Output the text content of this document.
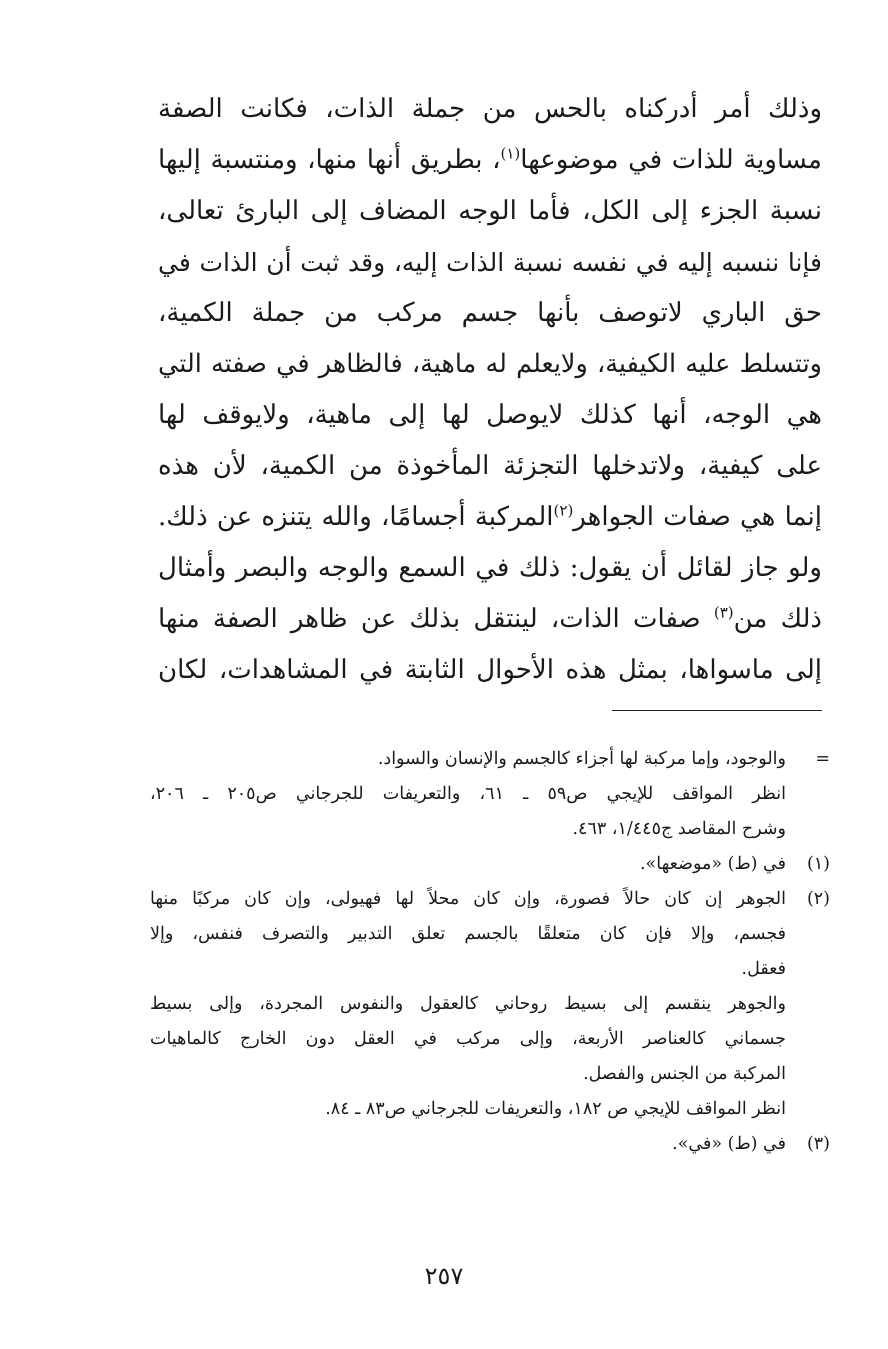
وذلك أمر أدركناه بالحس من جملة الذات، فكانت الصفة
مساوية للذات في موضوعها$^{(١)}$، بطريق أنها منها، ومنتسبة إليها
نسبة الجزء إلى الكل، فأما الوجه المضاف إلى البارئ تعالى،
فإنا ننسبه إليه في نفسه نسبة الذات إليه، وقد ثبت أن الذات في
حق الباري لاتوصف بأنها جسم مركب من جملة الكمية،
وتتسلط عليه الكيفية، ولايعلم له ماهية، فالظاهر في صفته التي
هي الوجه، أنها كذلك لايوصل لها إلى ماهية، ولايوقف لها
على كيفية، ولاتدخلها التجزئة المأخوذة من الكمية، لأن هذه
إنما هي صفات الجواهر$^{(٢)}$المركبة أجسامًا، والله يتنزه عن ذلك.
ولو جاز لقائل أن يقول: ذلك في السمع والوجه والبصر وأمثال
ذلك من$^{(٣)}$ صفات الذات، لينتقل بذلك عن ظاهر الصفة منها
إلى ماسواها، بمثل هذه الأحوال الثابتة في المشاهدات، لكان
=
والوجود، وإما مركبة لها أجزاء كالجسم والإنسان والسواد.
انظر المواقف للإيجي ص٥٩ ـ ٦١، والتعريفات للجرجاني ص٢٠٥ ـ ٢٠٦،
وشرح المقاصد ج١/٤٤٥، ٤٦٣.
(١)
في (ط) «موضعها».
(٢)
الجوهر إن كان حالاً فصورة، وإن كان محلاً لها فهيولى، وإن كان مركبًا منها
فجسم، وإلا فإن كان متعلقًا بالجسم تعلق التدبير والتصرف فنفس، وإلا
فعقل.
والجوهر ينقسم إلى بسيط روحاني كالعقول والنفوس المجردة، وإلى بسيط
جسماني كالعناصر الأربعة، وإلى مركب في العقل دون الخارج كالماهيات
المركبة من الجنس والفصل.
انظر المواقف للإيجي ص ١٨٢، والتعريفات للجرجاني ص٨٣ ـ ٨٤.
(٣)
في (ط) «في».
٢٥٧
